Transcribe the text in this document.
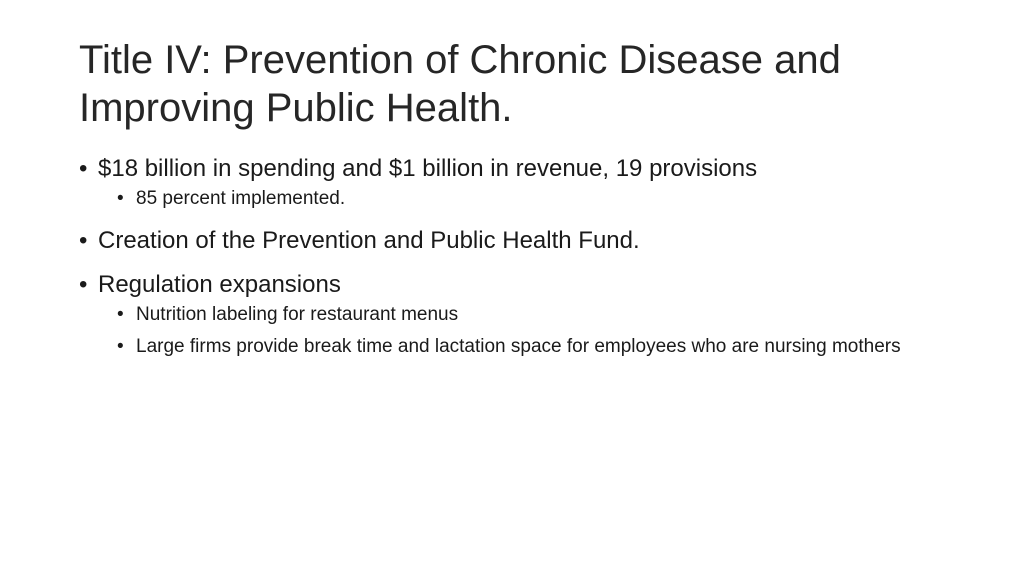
Title IV: Prevention of Chronic Disease and Improving Public Health.
• $18 billion in spending and $1 billion in revenue, 19 provisions
• 85 percent implemented.
• Creation of the Prevention and Public Health Fund.
• Regulation expansions
• Nutrition labeling for restaurant menus
• Large firms provide break time and lactation space for employees who are nursing mothers
